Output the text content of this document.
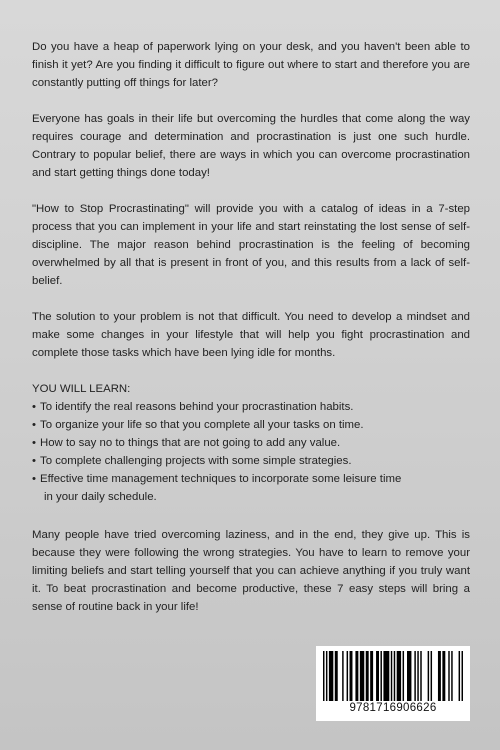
Do you have a heap of paperwork lying on your desk, and you haven't been able to finish it yet? Are you finding it difficult to figure out where to start and therefore you are constantly putting off things for later?

Everyone has goals in their life but overcoming the hurdles that come along the way requires courage and determination and procrastination is just one such hurdle. Contrary to popular belief, there are ways in which you can overcome procrastination and start getting things done today!

"How to Stop Procrastinating" will provide you with a catalog of ideas in a 7-step process that you can implement in your life and start reinstating the lost sense of self-discipline. The major reason behind procrastination is the feeling of becoming overwhelmed by all that is present in front of you, and this results from a lack of self-belief.

The solution to your problem is not that difficult. You need to develop a mindset and make some changes in your lifestyle that will help you fight procrastination and complete those tasks which have been lying idle for months.

YOU WILL LEARN:

• To identify the real reasons behind your procrastination habits.
• To organize your life so that you complete all your tasks on time.
• How to say no to things that are not going to add any value.
• To complete challenging projects with some simple strategies.
• Effective time management techniques to incorporate some leisure time
in your daily schedule.

Many people have tried overcoming laziness, and in the end, they give up. This is because they were following the wrong strategies. You have to learn to remove your limiting beliefs and start telling yourself that you can achieve anything if you truly want it. To beat procrastination and become productive, these 7 easy steps will bring a sense of routine back in your life!

9781716906626
